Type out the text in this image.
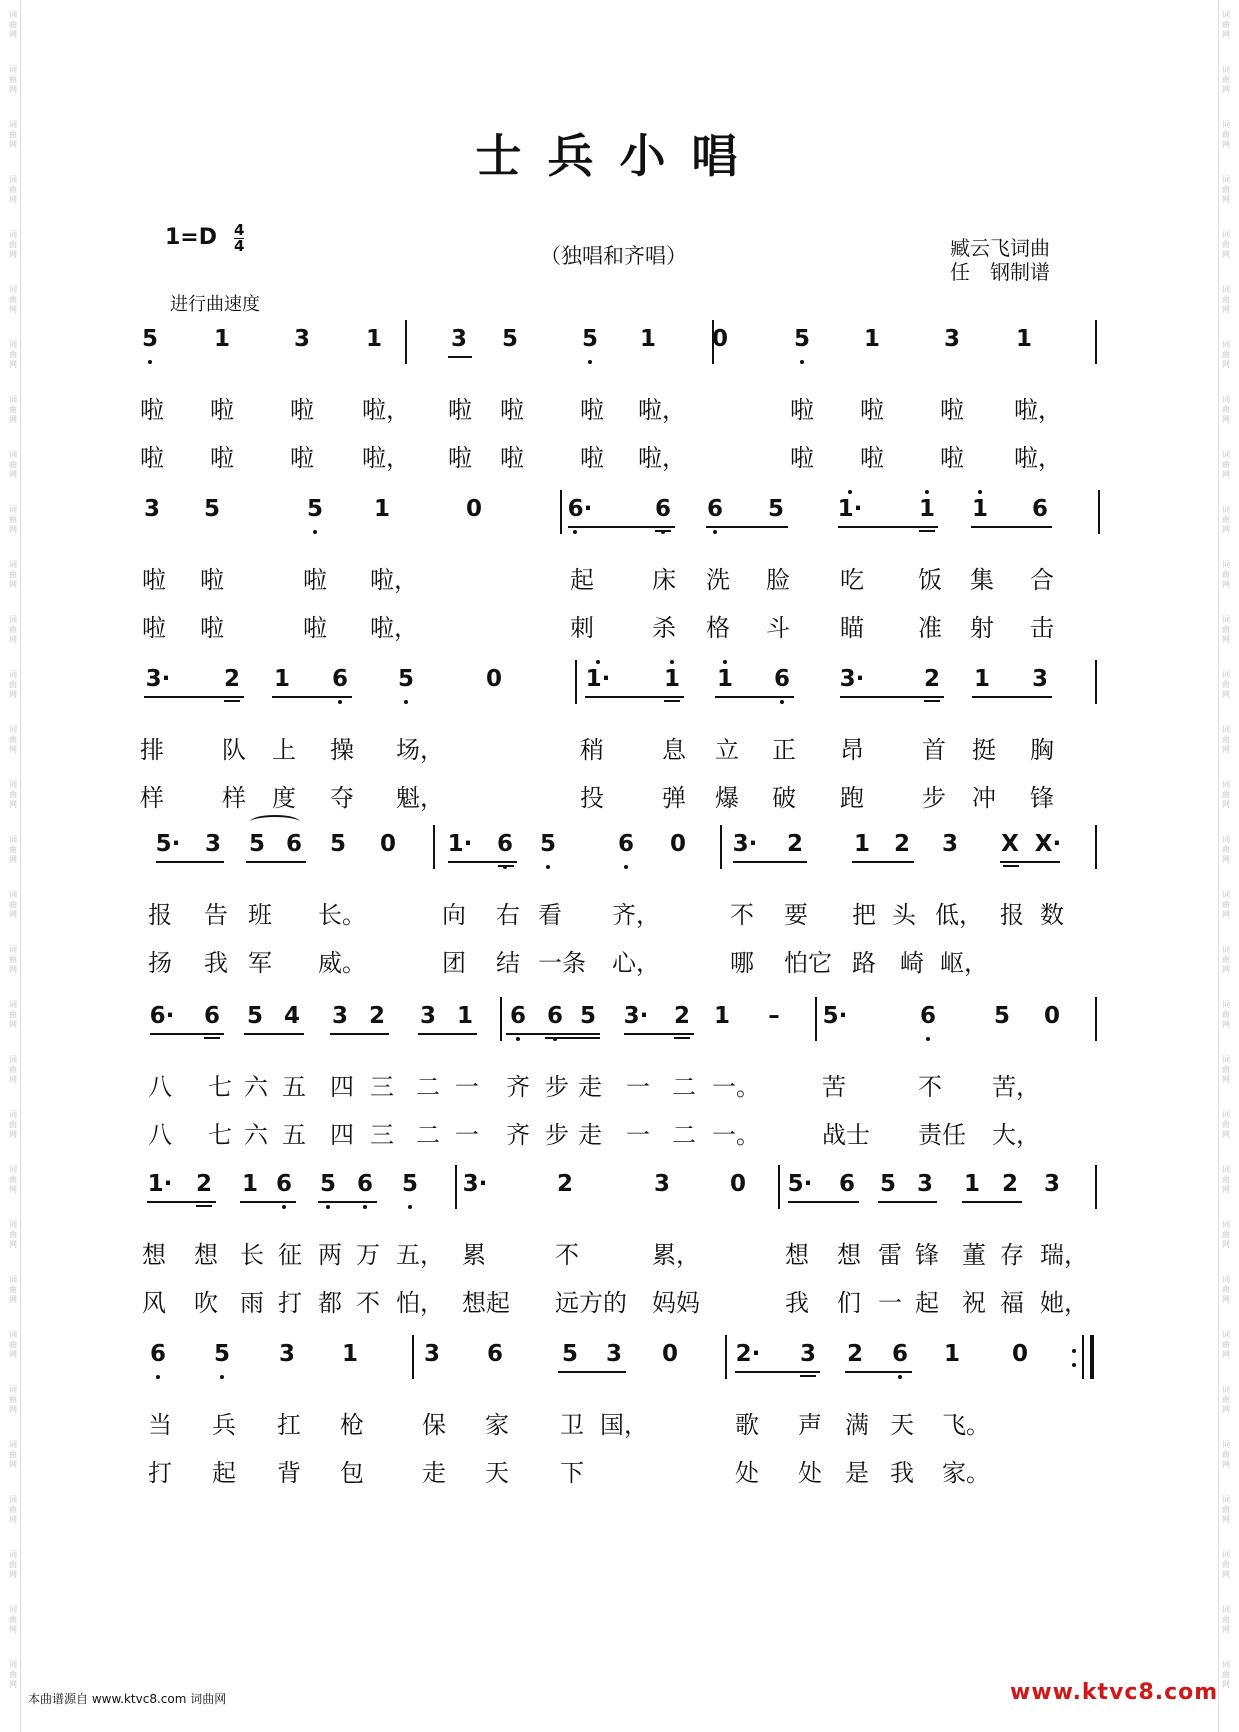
词
曲
网
词
曲
网
词
曲
网
词
曲
网
词
曲
网
词
曲
网
词
曲
网
词
曲
网
词
曲
网
词
曲
网
词
曲
网
词
曲
网
词
曲
网
词
曲
网
词
曲
网
词
曲
网
词
曲
网
词
曲
网
词
曲
网
词
曲
网
词
曲
网
词
曲
网
词
曲
网
词
曲
网
词
曲
网
词
曲
网
词
曲
网
词
曲
网
词
曲
网
词
曲
网
词
曲
网
词
曲
网
词
曲
网
词
曲
网
词
曲
网
词
曲
网
词
曲
网
词
曲
网
词
曲
网
词
曲
网
词
曲
网
词
曲
网
词
曲
网
词
曲
网
词
曲
网
词
曲
网
词
曲
网
词
曲
网
词
曲
网
词
曲
网
词
曲
网
词
曲
网
词
曲
网
词
曲
网
词
曲
网
词
曲
网
词
曲
网
词
曲
网
词
曲
网
词
曲
网
词
曲
网
词
曲
网
士兵小唱
1=D 4
4	（独唱和齐唱）	臧云飞词曲
任　钢制谱
进行曲速度
5 1	3 1	3 5	5 1 0	5 1	3 1
啦 啦 啦 啦， 啦 啦 啦 啦，	啦 啦 啦 啦，
啦 啦 啦 啦， 啦 啦 啦 啦，	啦 啦 啦 啦，
3 5	5 1	0	6·	6 6 5 1· 1 1 6
啦 啦	啦 啦，	起 床 洗 脸 吃 饭 集 合
啦 啦	啦 啦，	刺 杀 格 斗 瞄 准 射 击
3· 2 1 6 5	0	1· 1 1 6 3·	2 1 3
排 队 上 操 场，	稍 息 立 正 昂 首 挺 胸
样 样 度 夺 魁，	投 弹 爆 破 跑 步 冲 锋
5· 3 5 6 5 0 1· 6 5	6 0 3· 2 1 2 3 X X·
报 告 班 长。	向 右 看 齐，	不 要 把 头 低， 报 数
扬 我 军 威。	团 结 一条 心，	哪 怕它 路 崎 岖，
6· 6 5 4 3 2 3 1 6 6 5 3· 2 1 – 5·	6	5 0
八 七 六 五 四 三 二 一 齐 步 走 一 二 一。	苦	不 苦，
八 七 六 五 四 三 二 一 齐 步 走 一 二 一。	战士 责任 大，
1· 2 1 6 5 6 5 3·	2	3	0 5· 6 5 3 1 2 3
想 想 长 征 两 万 五， 累	不	累，	想 想 雷 锋 董 存 瑞，
风 吹 雨 打 都 不 怕， 想起 远方的 妈妈	我 们 一 起 祝 福 她，
6 5 3 1	3 6	5 3 0	2· 3 2 6 1 0
当 兵 扛 枪 保 家 卫 国，	歌 声 满 天 飞。
打 起 背 包 走 天 下	处 处 是 我 家。
本曲谱源自 www.ktvc8.com 词曲网	www.ktvc8.com
